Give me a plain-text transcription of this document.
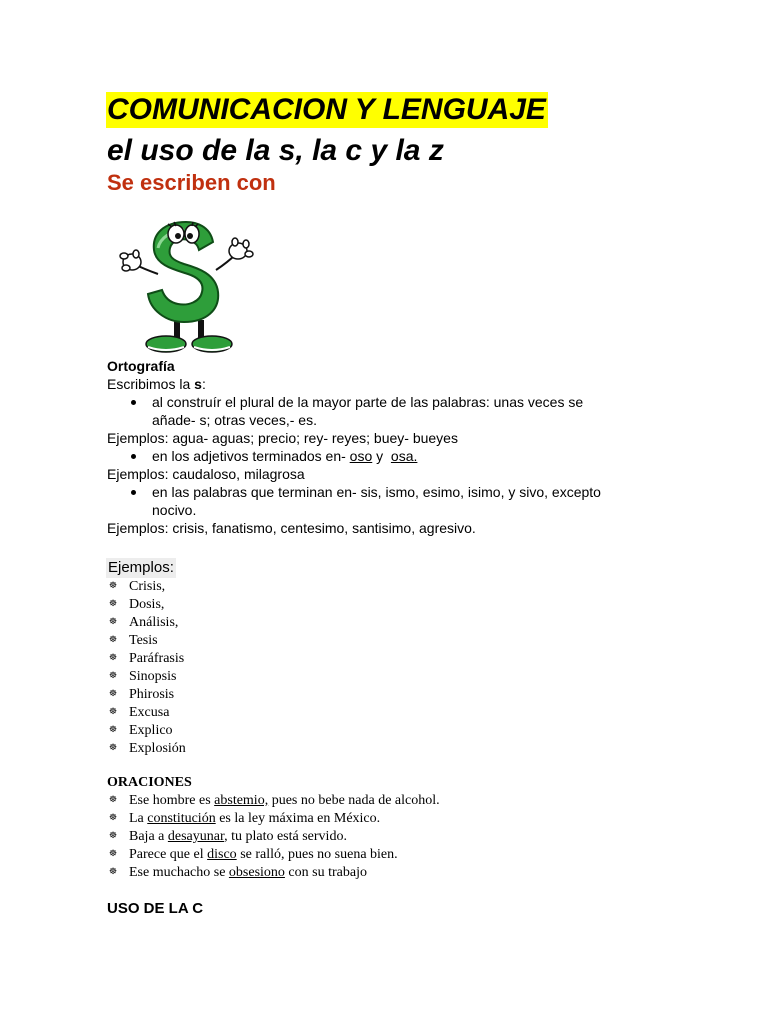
COMUNICACION Y LENGUAJE
el uso de la s, la c y la z
Se escriben con
Ortografía
Escribimos la s:
al construír el plural de la mayor parte de las palabras: unas veces se
añade- s; otras veces,- es.
Ejemplos: agua- aguas; precio; rey- reyes; buey- bueyes
en los adjetivos terminados en- oso y  osa.
Ejemplos: caudaloso, milagrosa
en las palabras que terminan en- sis, ismo, esimo, isimo, y sivo, excepto
nocivo.
Ejemplos: crisis, fanatismo, centesimo, santisimo, agresivo.
Ejemplos:
☸ Crisis,
☸ Dosis,
☸ Análisis,
☸ Tesis
☸ Paráfrasis
☸ Sinopsis
☸ Phirosis
☸ Excusa
☸ Explico
☸ Explosión
ORACIONES
☸ Ese hombre es abstemio, pues no bebe nada de alcohol.
☸ La constitución es la ley máxima en México.
☸ Baja a desayunar, tu plato está servido.
☸ Parece que el disco se ralló, pues no suena bien.
☸ Ese muchacho se obsesiono con su trabajo
USO DE LA C
